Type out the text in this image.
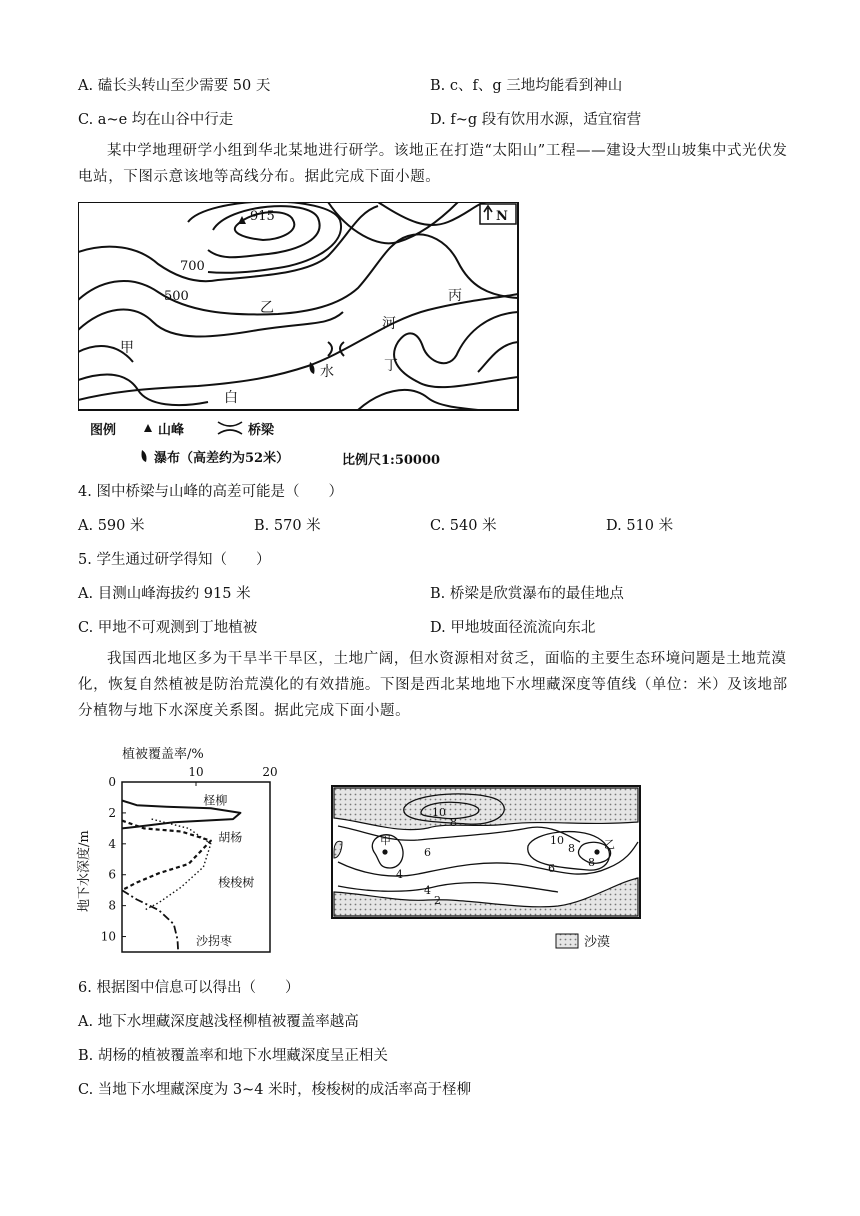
A. 磕长头转山至少需要 50 天	B. c、f、g 三地均能看到神山
C. a~e 均在山谷中行走	D. f~g 段有饮用水源，适宜宿营
某中学地理研学小组到华北某地进行研学。该地正在打造“太阳山”工程——建设大型山坡集中式光伏发电站，下图示意该地等高线分布。据此完成下面小题。
N
915
700
500
甲
乙
丙
丁
河
白
水
图例	山峰	桥梁
瀑布（高差约为52米）	比例尺1:50000
4. 图中桥梁与山峰的高差可能是（　　）
A. 590 米	B. 570 米	C. 540 米	D. 510 米
5. 学生通过研学得知（　　）
A. 目测山峰海拔约 915 米	B. 桥梁是欣赏瀑布的最佳地点
C. 甲地不可观测到丁地植被	D. 甲地坡面径流流向东北
我国西北地区多为干旱半干旱区，土地广阔，但水资源相对贫乏，面临的主要生态环境问题是土地荒漠化，恢复自然植被是防治荒漠化的有效措施。下图是西北某地地下水埋藏深度等值线（单位：米）及该地部分植物与地下水深度关系图。据此完成下面小题。
植被覆盖率/%
地下水深度/m
0
2
4
6
8
10
10	20
柽柳
胡杨
梭梭树
沙拐枣
甲	乙
10
8
10
8
6
6
4
4
8
2
沙漠
6. 根据图中信息可以得出（　　）
A. 地下水埋藏深度越浅柽柳植被覆盖率越高
B. 胡杨的植被覆盖率和地下水埋藏深度呈正相关
C. 当地下水埋藏深度为 3~4 米时，梭梭树的成活率高于柽柳
